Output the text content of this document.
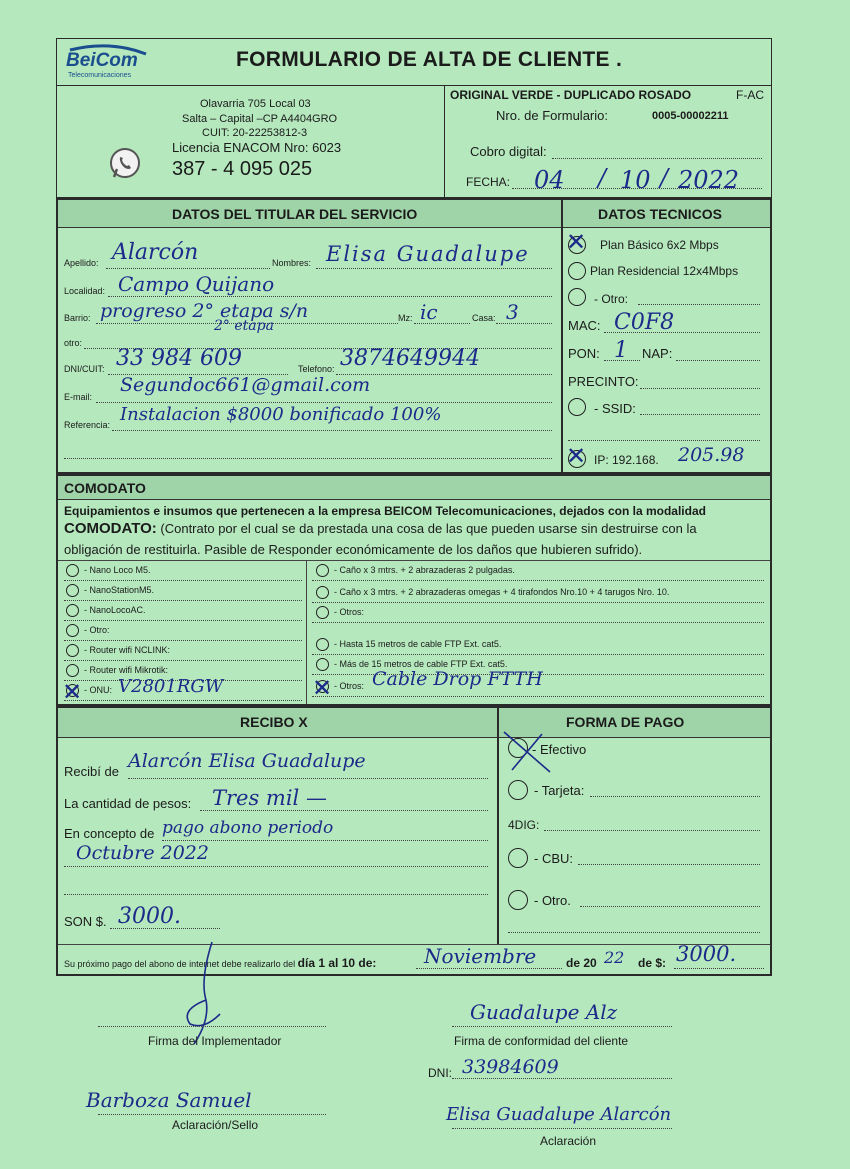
BeiCom
Telecomunicaciones
FORMULARIO DE ALTA DE CLIENTE .
Olavarria 705 Local 03
Salta – Capital –CP A4404GRO
CUIT: 20-22253812-3
Licencia ENACOM Nro: 6023
387 - 4 095 025
ORIGINAL VERDE - DUPLICADO ROSADO	F-AC
Nro. de Formulario:	0005-00002211
Cobro digital:
FECHA: 04 / 10 / 2022
DATOS DEL TITULAR DEL SERVICIO	DATOS TECNICOS
Apellido: Alarcón	Nombres: Elisa Guadalupe
Localidad: Campo Quijano
Barrio: progreso 2° etapa s/n
2° etapa	Mz: ic	Casa: 3
otro:
DNI/CUIT: 33 984 609	Telefono: 3874649944
E-mail:
Segundoc661@gmail.com
Referencia: Instalacion $8000 bonificado 100%
✕ Plan Básico 6x2 Mbps
Plan Residencial 12x4Mbps
- Otro:
MAC: C0F8
PON: 1 NAP:
PRECINTO:
- SSID:
✕ IP: 192.168. 205.98
COMODATO
Equipamientos e insumos que pertenecen a la empresa BEICOM Telecomunicaciones, dejados con la modalidad
COMODATO: (Contrato por el cual se da prestada una cosa de las que pueden usarse sin destruirse con la
obligación de restituirla. Pasible de Responder económicamente de los daños que hubieren sufrido).
- Nano Loco M5.
- NanoStationM5.
- NanoLocoAC.
- Otro:
- Router wifi NCLINK:
- Router wifi Mikrotik:
- ONU:
✕ V2801RGW
- Caño x 3 mtrs. + 2 abrazaderas 2 pulgadas.
- Caño x 3 mtrs. + 2 abrazaderas omegas + 4 tirafondos Nro.10 + 4 tarugos Nro. 10.
- Otros:
- Hasta 15 metros de cable FTP Ext. cat5.
- Más de 15 metros de cable FTP Ext. cat5.
- Otros:
✕ Cable Drop FTTH
RECIBO X	FORMA DE PAGO
Recibí de Alarcón Elisa Guadalupe
La cantidad de pesos: Tres mil —
En concepto de pago abono periodo
Octubre 2022
SON $. 3000.
- Efectivo
- Tarjeta:
4DIG:
- CBU:
- Otro.
Su próximo pago del abono de internet debe realizarlo del día 1 al 10 de: Noviembre de 20 22 de $: 3000.
Firma del Implementador
Guadalupe Alz
Firma de conformidad del cliente
DNI: 33984609
Barboza Samuel
Aclaración/Sello	Elisa Guadalupe Alarcón
Aclaración
